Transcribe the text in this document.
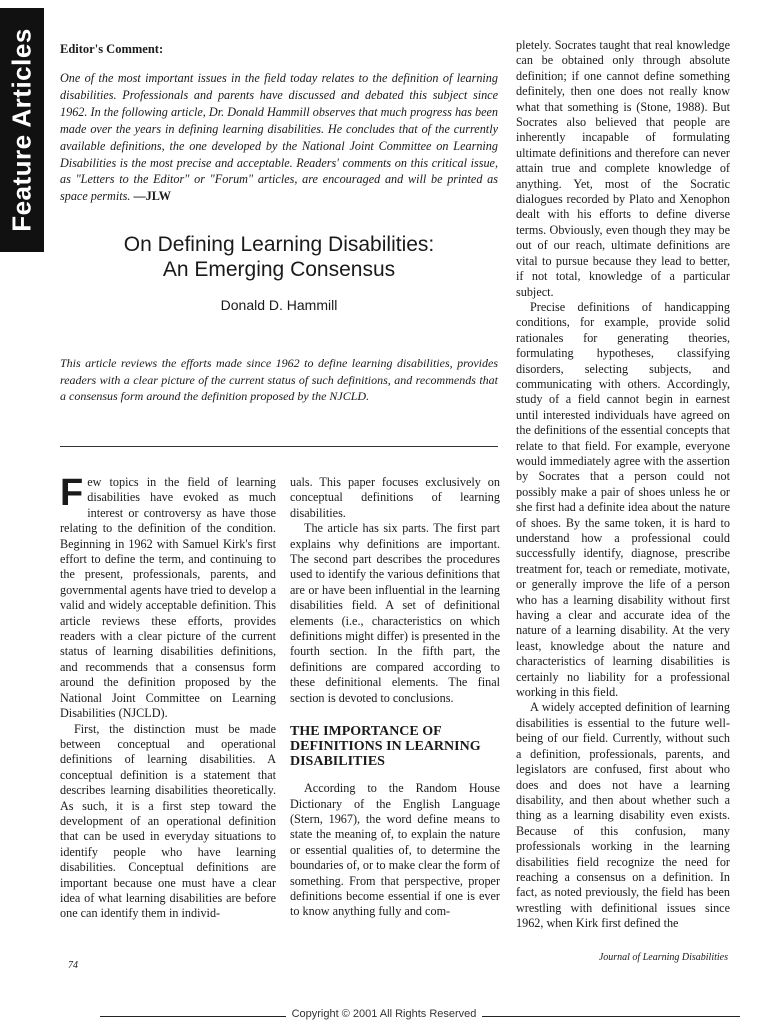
Feature Articles Editor's Comment:
One of the most important issues in the field today relates to the definition of learning disabilities. Professionals and parents have discussed and debated this subject since 1962. In the following article, Dr. Donald Hammill observes that much progress has been made over the years in defining learning disabilities. He concludes that of the currently available definitions, the one developed by the National Joint Committee on Learning Disabilities is the most precise and acceptable. Readers' comments on this critical issue, as "Letters to the Editor" or "Forum" articles, are encouraged and will be printed as space permits. —JLW
On Defining Learning Disabilities:
An Emerging Consensus
Donald D. Hammill
This article reviews the efforts made since 1962 to define learning disabilities, provides readers with a clear picture of the current status of such definitions, and recommends that a consensus form around the definition proposed by the NJCLD.

Few topics in the field of learning disabilities have evoked as much interest or controversy as have those relating to the definition of the condition. Beginning in 1962 with Samuel Kirk's first effort to define the term, and continuing to the present, professionals, parents, and governmental agents have tried to develop a valid and widely acceptable definition. This article reviews these efforts, provides readers with a clear picture of the current status of learning disabilities definitions, and recommends that a consensus form around the definition proposed by the National Joint Committee on Learning Disabilities (NJCLD).

First, the distinction must be made between conceptual and operational definitions of learning disabilities. A conceptual definition is a statement that describes learning disabilities theoretically. As such, it is a first step toward the development of an operational definition that can be used in everyday situations to identify people who have learning disabilities. Conceptual definitions are important because one must have a clear idea of what learning disabilities are before one can identify them in individ-

uals. This paper focuses exclusively on conceptual definitions of learning disabilities.

The article has six parts. The first part explains why definitions are important. The second part describes the procedures used to identify the various definitions that are or have been influential in the learning disabilities field. A set of definitional elements (i.e., characteristics on which definitions might differ) is presented in the fourth section. In the fifth part, the definitions are compared according to these definitional elements. The final section is devoted to conclusions.

THE IMPORTANCE OF DEFINITIONS IN LEARNING DISABILITIES

According to the Random House Dictionary of the English Language (Stern, 1967), the word define means to state the meaning of, to explain the nature or essential qualities of, to determine the boundaries of, or to make clear the form of something. From that perspective, proper definitions become essential if one is ever to know anything fully and com-

pletely. Socrates taught that real knowledge can be obtained only through absolute definition; if one cannot define something definitely, then one does not really know what that something is (Stone, 1988). But Socrates also believed that people are inherently incapable of formulating ultimate definitions and therefore can never attain true and complete knowledge of anything. Yet, most of the Socratic dialogues recorded by Plato and Xenophon dealt with his efforts to define diverse terms. Obviously, even though they may be out of our reach, ultimate definitions are vital to pursue because they lead to better, if not total, knowledge of a particular subject.

Precise definitions of handicapping conditions, for example, provide solid rationales for generating theories, formulating hypotheses, classifying disorders, selecting subjects, and communicating with others. Accordingly, study of a field cannot begin in earnest until interested individuals have agreed on the definitions of the essential concepts that relate to that field. For example, everyone would immediately agree with the assertion by Socrates that a person could not possibly make a pair of shoes unless he or she first had a definite idea about the nature of shoes. By the same token, it is hard to understand how a professional could successfully identify, diagnose, prescribe treatment for, teach or remediate, motivate, or generally improve the life of a person who has a learning disability without first having a clear and accurate idea of the nature of a learning disability. At the very least, knowledge about the nature and characteristics of learning disabilities is certainly no liability for a professional working in this field.

A widely accepted definition of learning disabilities is essential to the future well-being of our field. Currently, without such a definition, professionals, parents, and legislators are confused, first about who does and does not have a learning disability, and then about whether such a thing as a learning disability even exists. Because of this confusion, many professionals working in the learning disabilities field recognize the need for reaching a consensus on a definition. In fact, as noted previously, the field has been wrestling with definitional issues since 1962, when Kirk first defined the

74
Journal of Learning Disabilities
Copyright © 2001 All Rights Reserved
